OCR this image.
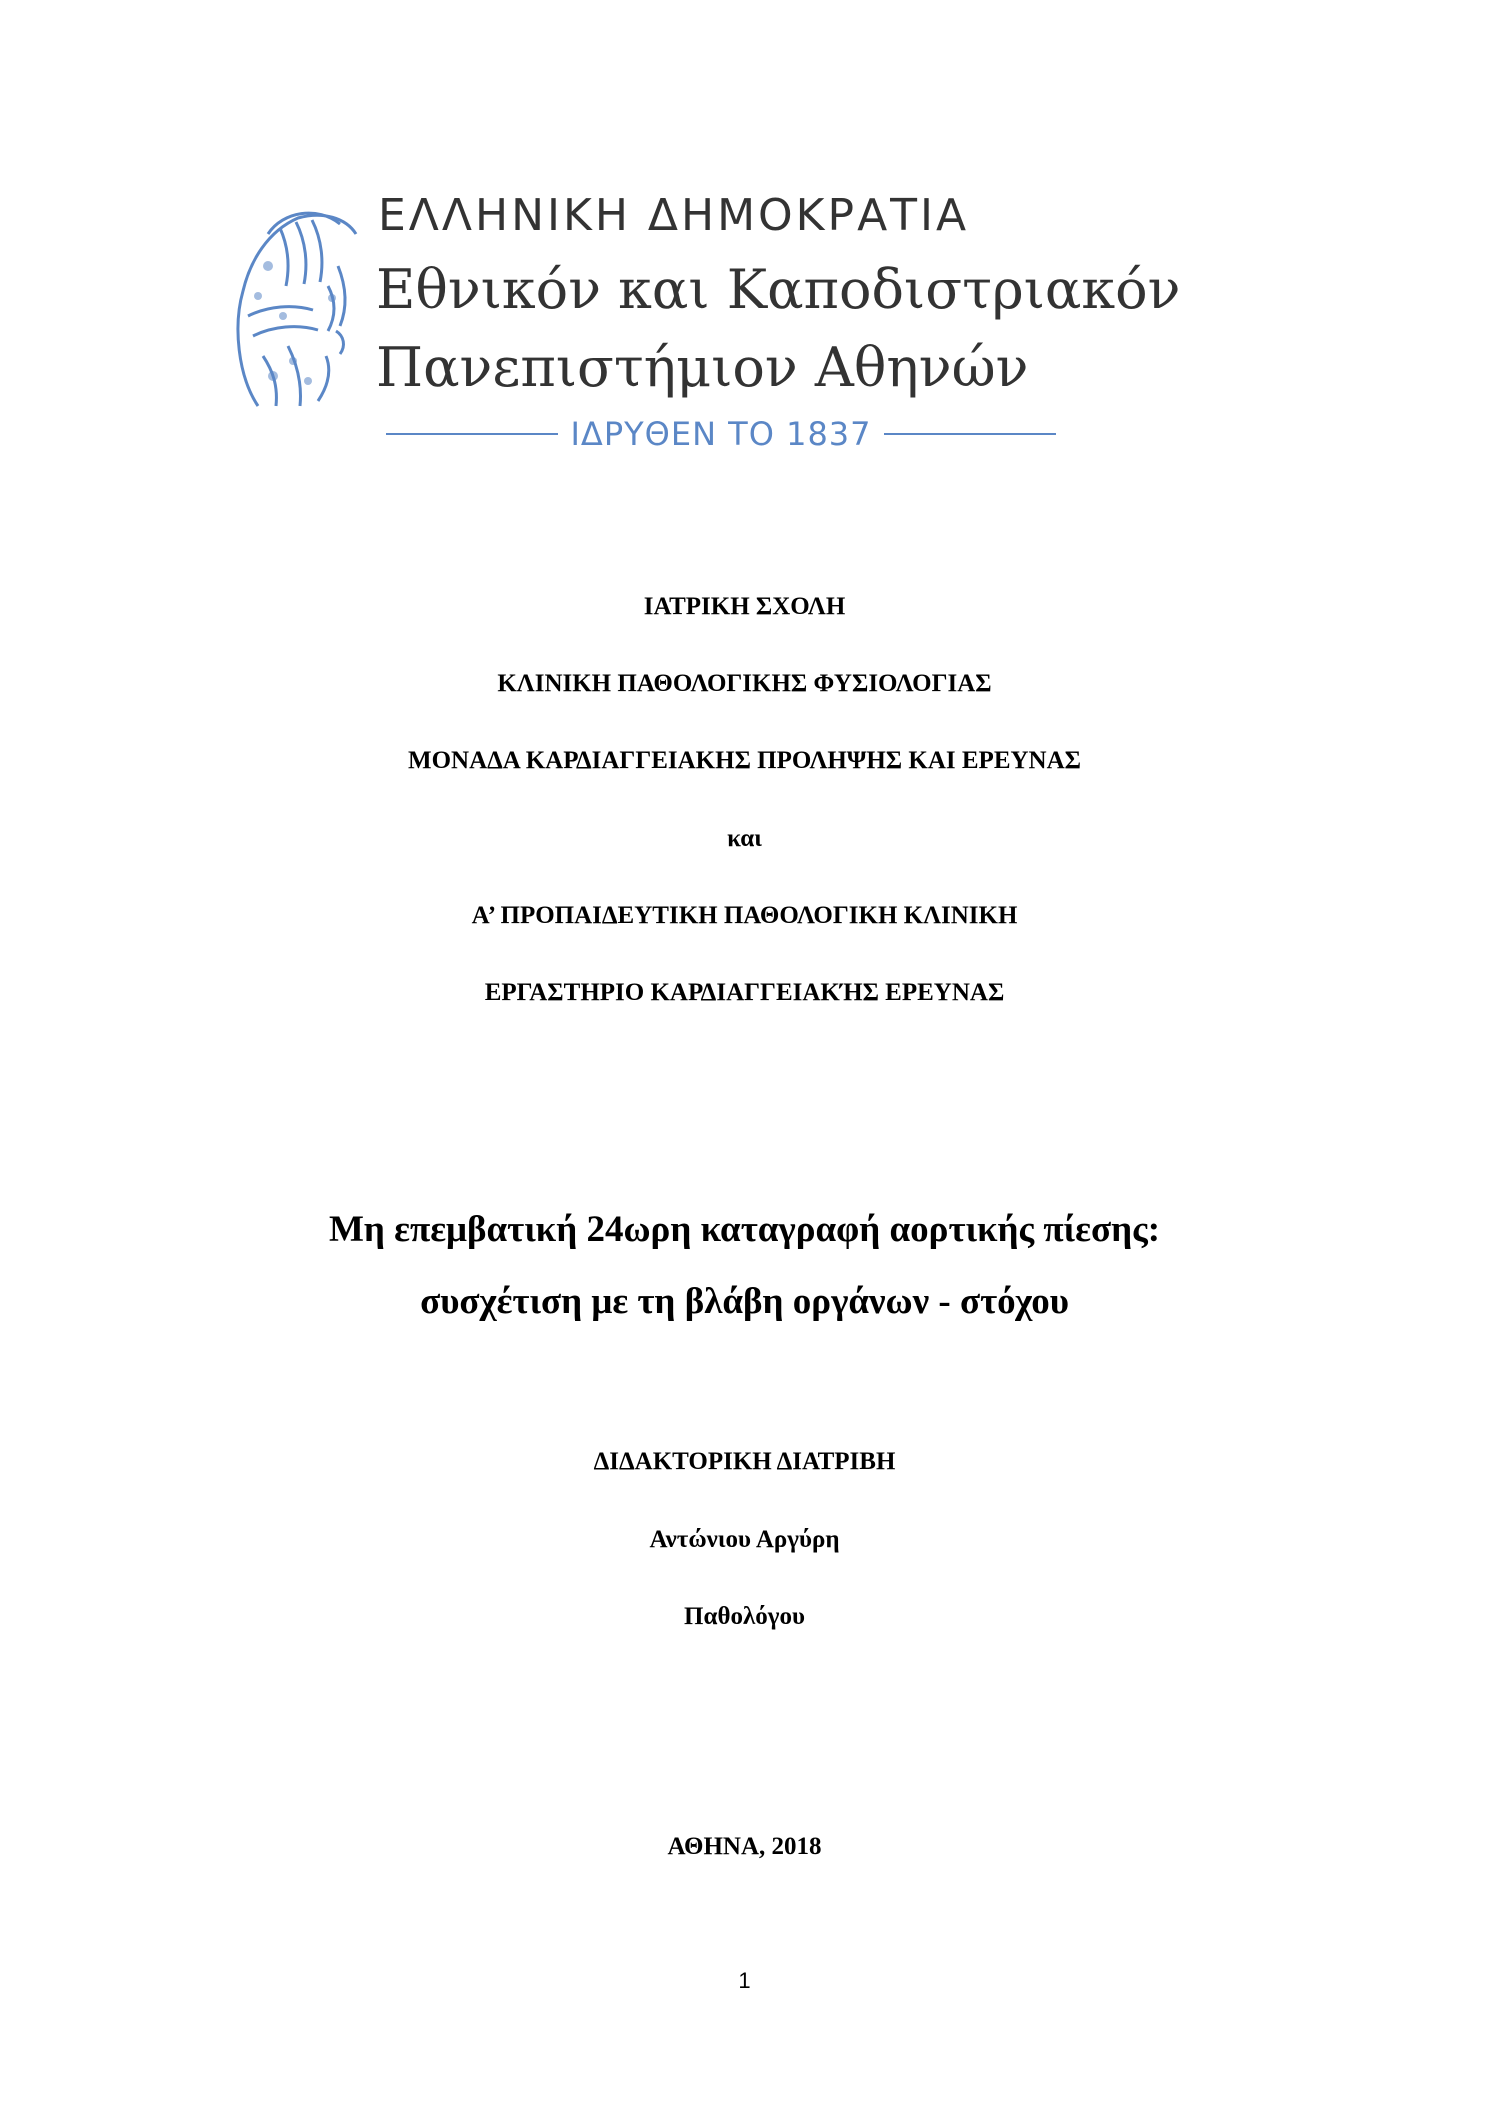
ΕΛΛΗΝΙΚΗ ΔΗΜΟΚΡΑΤΙΑ
Εθνικόν και Καποδιστριακόν
Πανεπιστήμιον Αθηνών
ΙΔΡΥΘΕΝ ΤΟ 1837
ΙΑΤΡΙΚΗ ΣΧΟΛΗ
ΚΛΙΝΙΚΗ ΠΑΘΟΛΟΓΙΚΗΣ ΦΥΣΙΟΛΟΓΙΑΣ
ΜΟΝΑΔΑ ΚΑΡΔΙΑΓΓΕΙΑΚΗΣ ΠΡΟΛΗΨΗΣ ΚΑΙ ΕΡΕΥΝΑΣ
και
Α’ ΠΡΟΠΑΙΔΕΥΤΙΚΗ ΠΑΘΟΛΟΓΙΚΗ ΚΛΙΝΙΚΗ
ΕΡΓΑΣΤΗΡΙΟ ΚΑΡΔΙΑΓΓΕΙΑΚΉΣ ΕΡΕΥΝΑΣ
Μη επεμβατική 24ωρη καταγραφή αορτικής πίεσης:
συσχέτιση με τη βλάβη οργάνων - στόχου
ΔΙΔΑΚΤΟΡΙΚΗ ΔΙΑΤΡΙΒΗ
Αντώνιου Αργύρη
Παθολόγου
ΑΘΗΝΑ, 2018
1
